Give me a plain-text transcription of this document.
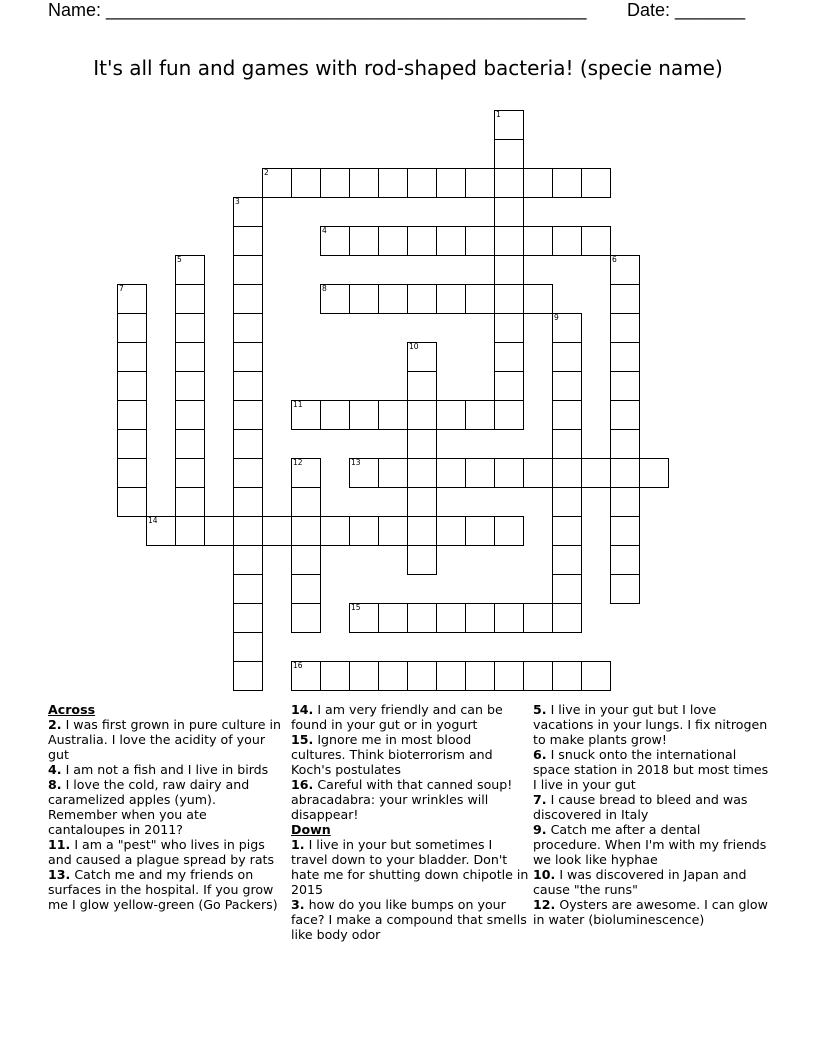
Name: ________________________________________________ Date: _______
It's all fun and games with rod-shaped bacteria! (specie name)
1
2
3
4
5	6
7	8
9
10
11
12	13
14
15
16
Across
2. I was first grown in pure culture in Australia. I love the acidity of your gut
4. I am not a fish and I live in birds
8. I love the cold, raw dairy and caramelized apples (yum). Remember when you ate cantaloupes in 2011?
11. I am a "pest" who lives in pigs and caused a plague spread by rats
13. Catch me and my friends on surfaces in the hospital. If you grow me I glow yellow-green (Go Packers)
14. I am very friendly and can be found in your gut or in yogurt
15. Ignore me in most blood cultures. Think bioterrorism and Koch's postulates
16. Careful with that canned soup! abracadabra: your wrinkles will disappear!
Down
1. I live in your but sometimes I travel down to your bladder. Don't hate me for shutting down chipotle in 2015
3. how do you like bumps on your face? I make a compound that smells like body odor
5. I live in your gut but I love vacations in your lungs. I fix nitrogen to make plants grow!
6. I snuck onto the international space station in 2018 but most times I live in your gut
7. I cause bread to bleed and was discovered in Italy
9. Catch me after a dental procedure. When I'm with my friends we look like hyphae
10. I was discovered in Japan and cause "the runs"
12. Oysters are awesome. I can glow in water (bioluminescence)
